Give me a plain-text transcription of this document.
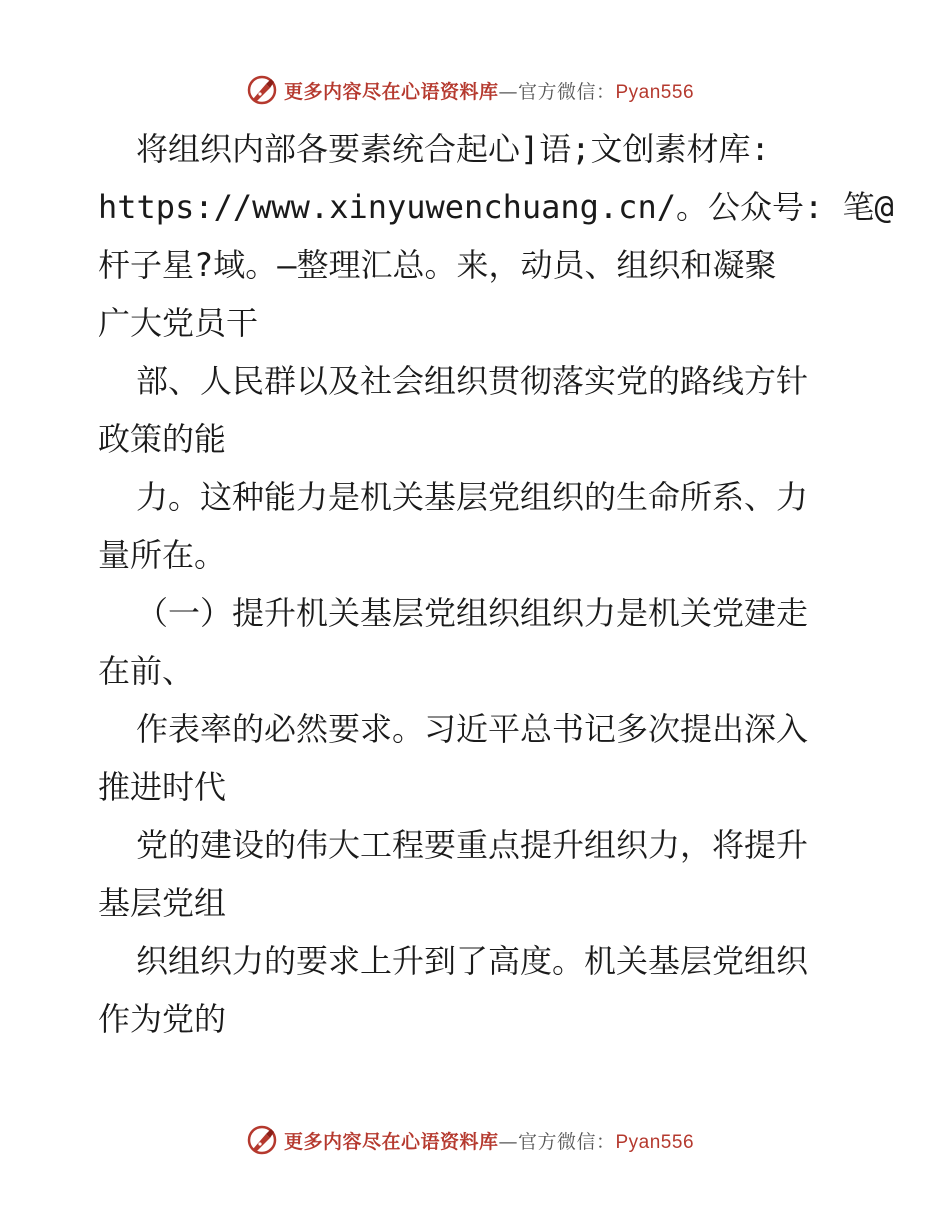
更多内容尽在心语资料库—官方微信：Pyan556
将组织内部各要素统合起心]语;文创素材库:
https://www.xinyuwenchuang.cn/。公众号: 笔@
杆子星?域。—整理汇总。来，动员、组织和凝聚
广大党员干
部、人民群以及社会组织贯彻落实党的路线方针
政策的能
力。这种能力是机关基层党组织的生命所系、力
量所在。
（一）提升机关基层党组织组织力是机关党建走
在前、
作表率的必然要求。习近平总书记多次提出深入
推进时代
党的建设的伟大工程要重点提升组织力，将提升
基层党组
织组织力的要求上升到了高度。机关基层党组织
作为党的
更多内容尽在心语资料库—官方微信：Pyan556
